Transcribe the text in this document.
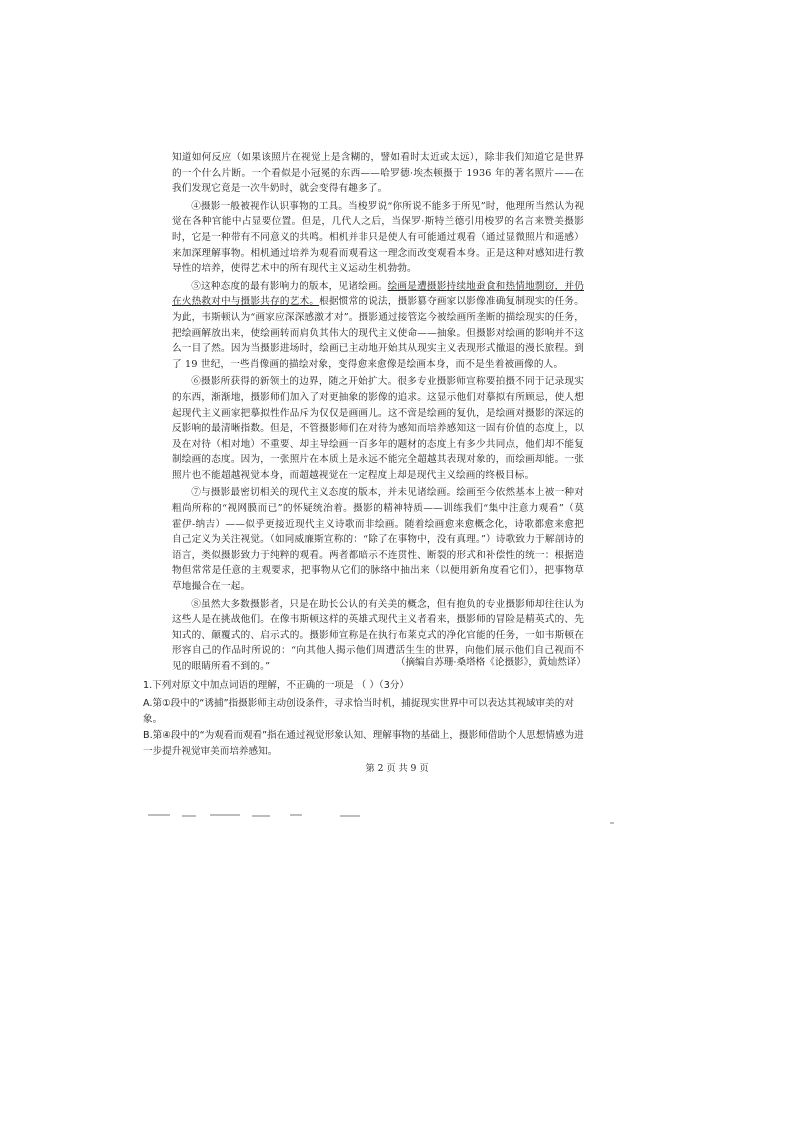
知道如何反应（如果该照片在视觉上是含糊的，譬如看时太近或太远），除非我们知道它是世界的一个什么片断。一个看似是小冠冕的东西——哈罗德·埃杰顿摄于 1936 年的著名照片——在我们发现它竟是一次牛奶时，就会变得有趣多了。

④摄影一般被视作认识事物的工具。当梭罗说“你所说不能多于所见”时，他理所当然认为视觉在各种官能中占显要位置。但是，几代人之后，当保罗·斯特兰德引用梭罗的名言来赞美摄影时，它是一种带有不同意义的共鸣。相机并非只是使人有可能通过观看（通过显微照片和遥感）来加深理解事物。相机通过培养为观看而观看这一理念而改变观看本身。正是这种对感知进行教导性的培养，使得艺术中的所有现代主义运动生机勃勃。

⑤这种态度的最有影响力的版本，见诸绘画。绘画是遭摄影持续地蚕食和热情地剽窃，并仍在火热救对中与摄影共存的艺术。根据惯常的说法，摄影篡夺画家以影像准确复制现实的任务。为此，韦斯顿认为“画家应深深感激才对”。摄影通过接管迄今被绘画所垄断的描绘现实的任务，把绘画解放出来，使绘画转而肩负其伟大的现代主义使命——抽象。但摄影对绘画的影响并不这么一目了然。因为当摄影进场时，绘画已主动地开始其从现实主义表现形式撤退的漫长旅程。到了 19 世纪，一些肖像画的描绘对象，变得愈来愈像是绘画本身，而不是坐着被画像的人。

⑥摄影所获得的新领土的边界，随之开始扩大。很多专业摄影师宣称要拍摄不同于记录现实的东西，渐渐地，摄影师们加入了对更抽象的影像的追求。这显示他们对摹拟有所顾忌，使人想起现代主义画家把摹拟性作品斥为仅仅是画画儿。这不啻是绘画的复仇，是绘画对摄影的深远的反影响的最清晰指数。但是，不管摄影师们在对待为感知而培养感知这一固有价值的态度上，以及在对待（相对地）不重要、却主导绘画一百多年的题材的态度上有多少共同点，他们却不能复制绘画的态度。因为，一张照片在本质上是永远不能完全超越其表现对象的，而绘画却能。一张照片也不能超越视觉本身，而超越视觉在一定程度上却是现代主义绘画的终极目标。

⑦与摄影最密切相关的现代主义态度的版本，并未见诸绘画。绘画至今依然基本上被一种对粗尚所称的“视网膜而已”的怀疑统治着。摄影的精神特质——训练我们“集中注意力观看”（莫霍伊-纳吉）——似乎更接近现代主义诗歌而非绘画。随着绘画愈来愈概念化，诗歌都愈来愈把自己定义为关注视觉。（如同威廉斯宣称的：“除了在事物中，没有真理。”）诗歌致力于解剖诗的语言，类似摄影致力于纯粹的观看。两者都暗示不连贯性、断裂的形式和补偿性的统一：根据造物但常常是任意的主观要求，把事物从它们的脉络中抽出来（以便用新角度看它们），把事物草草地撮合在一起。

⑧虽然大多数摄影者，只是在助长公认的有关美的概念，但有抱负的专业摄影师却往往认为这些人是在挑战他们。在像韦斯顿这样的英雄式现代主义者看来，摄影师的冒险是精英式的、先知式的、颠覆式的、启示式的。摄影师宣称是在执行布莱克式的净化官能的任务，一如韦斯顿在形容自己的作品时所说的：“向其他人揭示他们周遭活生生的世界，向他们展示他们自己视而不见的眼睛所看不到的。”	（摘编自苏珊·桑塔格《论摄影》，黄灿然译）

1.下列对原文中加点词语的理解，不正确的一项是 （ ）（3分）

A.第①段中的“诱捕”指摄影师主动创设条件，寻求恰当时机，捕捉现实世界中可以表达其视域审美的对象。

B.第④段中的“为观看而观看”指在通过视觉形象认知、理解事物的基础上，摄影师借助个人思想情感为进一步提升视觉审美而培养感知。

第 2 页 共 9 页
